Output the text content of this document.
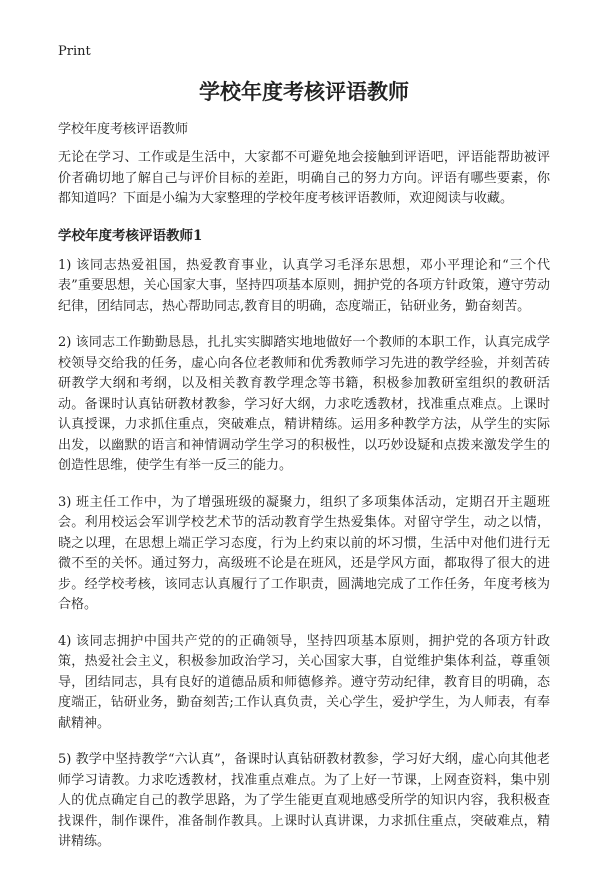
Print
学校年度考核评语教师

学校年度考核评语教师

无论在学习、工作或是生活中，大家都不可避免地会接触到评语吧，评语能帮助被评价者确切地了解自己与评价目标的差距，明确自己的努力方向。评语有哪些要素，你都知道吗？下面是小编为大家整理的学校年度考核评语教师，欢迎阅读与收藏。

学校年度考核评语教师1

1) 该同志热爱祖国，热爱教育事业，认真学习毛泽东思想，邓小平理论和“三个代表”重要思想，关心国家大事，坚持四项基本原则，拥护党的各项方针政策，遵守劳动纪律，团结同志，热心帮助同志,教育目的明确，态度端正，钻研业务，勤奋刻苦。

2) 该同志工作勤勤恳恳，扎扎实实脚踏实地地做好一个教师的本职工作，认真完成学校领导交给我的任务，虚心向各位老教师和优秀教师学习先进的教学经验，并刻苦砖研教学大纲和考纲，以及相关教育教学理念等书籍，积极参加教研室组织的教研活动。备课时认真钻研教材教参，学习好大纲，力求吃透教材，找准重点难点。上课时认真授课，力求抓住重点，突破难点，精讲精练。运用多种教学方法，从学生的实际出发，以幽默的语言和神情调动学生学习的积极性，以巧妙设疑和点拨来激发学生的创造性思维，使学生有举一反三的能力。

3) 班主任工作中，为了增强班级的凝聚力，组织了多项集体活动，定期召开主题班会。利用校运会军训学校艺术节的活动教育学生热爱集体。对留守学生，动之以情，晓之以理，在思想上端正学习态度，行为上约束以前的坏习惯，生活中对他们进行无微不至的关怀。通过努力，高级班不论是在班风，还是学风方面，都取得了很大的进步。经学校考核，该同志认真履行了工作职责，圆满地完成了工作任务，年度考核为合格。

4) 该同志拥护中国共产党的的正确领导，坚持四项基本原则，拥护党的各项方针政策，热爱社会主义，积极参加政治学习，关心国家大事，自觉维护集体利益，尊重领导，团结同志，具有良好的道德品质和师德修养。遵守劳动纪律，教育目的明确，态度端正，钻研业务，勤奋刻苦;工作认真负责，关心学生，爱护学生，为人师表，有奉献精神。

5) 教学中坚持教学“六认真”，备课时认真钻研教材教参，学习好大纲，虚心向其他老师学习请教。力求吃透教材，找准重点难点。为了上好一节课，上网查资料，集中别人的优点确定自己的教学思路，为了学生能更直观地感受所学的知识内容，我积极查找课件，制作课件，准备制作教具。上课时认真讲课，力求抓住重点，突破难点，精讲精练。
